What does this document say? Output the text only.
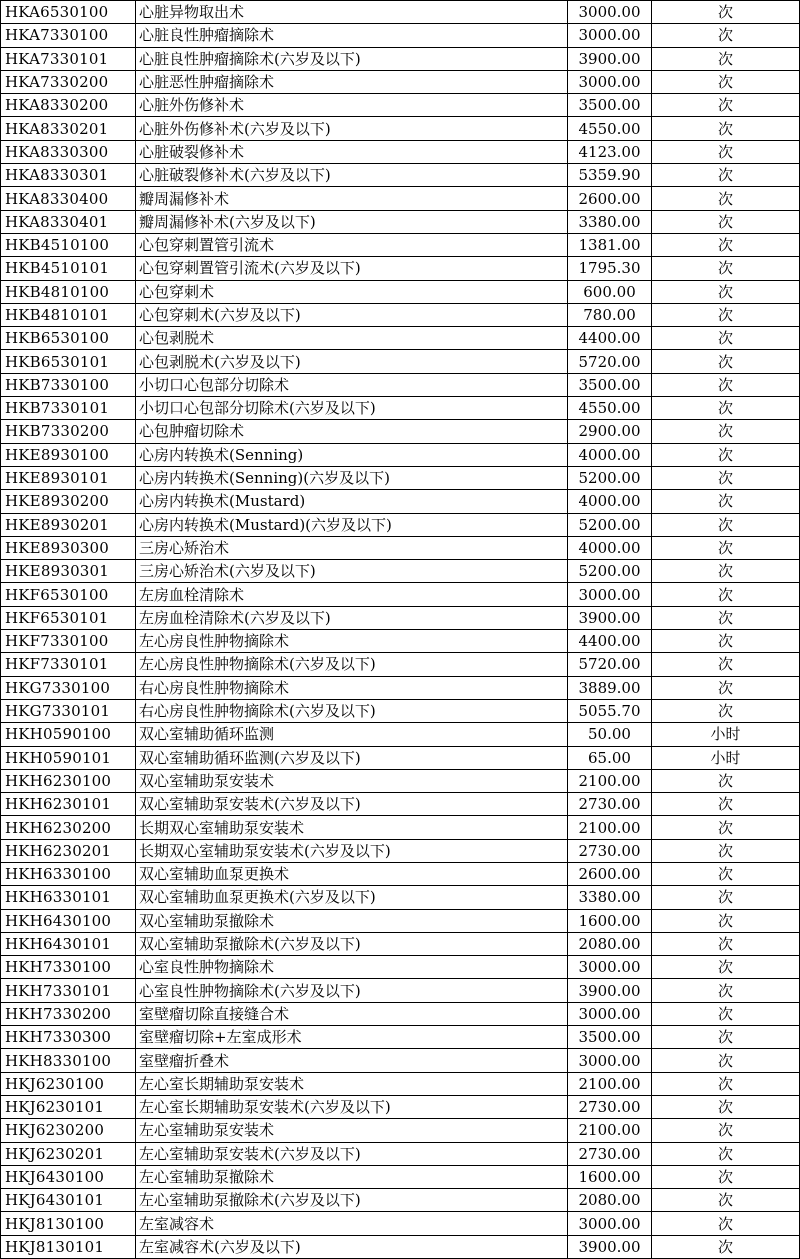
HKA6530100	心脏异物取出术	3000.00	次
HKA7330100	心脏良性肿瘤摘除术	3000.00	次
HKA7330101	心脏良性肿瘤摘除术(六岁及以下)	3900.00	次
HKA7330200	心脏恶性肿瘤摘除术	3000.00	次
HKA8330200	心脏外伤修补术	3500.00	次
HKA8330201	心脏外伤修补术(六岁及以下)	4550.00	次
HKA8330300	心脏破裂修补术	4123.00	次
HKA8330301	心脏破裂修补术(六岁及以下)	5359.90	次
HKA8330400	瓣周漏修补术	2600.00	次
HKA8330401	瓣周漏修补术(六岁及以下)	3380.00	次
HKB4510100	心包穿刺置管引流术	1381.00	次
HKB4510101	心包穿刺置管引流术(六岁及以下)	1795.30	次
HKB4810100	心包穿刺术	600.00	次
HKB4810101	心包穿刺术(六岁及以下)	780.00	次
HKB6530100	心包剥脱术	4400.00	次
HKB6530101	心包剥脱术(六岁及以下)	5720.00	次
HKB7330100	小切口心包部分切除术	3500.00	次
HKB7330101	小切口心包部分切除术(六岁及以下)	4550.00	次
HKB7330200	心包肿瘤切除术	2900.00	次
HKE8930100	心房内转换术(Senning)	4000.00	次
HKE8930101	心房内转换术(Senning)(六岁及以下)	5200.00	次
HKE8930200	心房内转换术(Mustard)	4000.00	次
HKE8930201	心房内转换术(Mustard)(六岁及以下)	5200.00	次
HKE8930300	三房心矫治术	4000.00	次
HKE8930301	三房心矫治术(六岁及以下)	5200.00	次
HKF6530100	左房血栓清除术	3000.00	次
HKF6530101	左房血栓清除术(六岁及以下)	3900.00	次
HKF7330100	左心房良性肿物摘除术	4400.00	次
HKF7330101	左心房良性肿物摘除术(六岁及以下)	5720.00	次
HKG7330100	右心房良性肿物摘除术	3889.00	次
HKG7330101	右心房良性肿物摘除术(六岁及以下)	5055.70	次
HKH0590100	双心室辅助循环监测	50.00	小时
HKH0590101	双心室辅助循环监测(六岁及以下)	65.00	小时
HKH6230100	双心室辅助泵安装术	2100.00	次
HKH6230101	双心室辅助泵安装术(六岁及以下)	2730.00	次
HKH6230200	长期双心室辅助泵安装术	2100.00	次
HKH6230201	长期双心室辅助泵安装术(六岁及以下)	2730.00	次
HKH6330100	双心室辅助血泵更换术	2600.00	次
HKH6330101	双心室辅助血泵更换术(六岁及以下)	3380.00	次
HKH6430100	双心室辅助泵撤除术	1600.00	次
HKH6430101	双心室辅助泵撤除术(六岁及以下)	2080.00	次
HKH7330100	心室良性肿物摘除术	3000.00	次
HKH7330101	心室良性肿物摘除术(六岁及以下)	3900.00	次
HKH7330200	室壁瘤切除直接缝合术	3000.00	次
HKH7330300	室壁瘤切除+左室成形术	3500.00	次
HKH8330100	室壁瘤折叠术	3000.00	次
HKJ6230100	左心室长期辅助泵安装术	2100.00	次
HKJ6230101	左心室长期辅助泵安装术(六岁及以下)	2730.00	次
HKJ6230200	左心室辅助泵安装术	2100.00	次
HKJ6230201	左心室辅助泵安装术(六岁及以下)	2730.00	次
HKJ6430100	左心室辅助泵撤除术	1600.00	次
HKJ6430101	左心室辅助泵撤除术(六岁及以下)	2080.00	次
HKJ8130100	左室减容术	3000.00	次
HKJ8130101	左室减容术(六岁及以下)	3900.00	次
